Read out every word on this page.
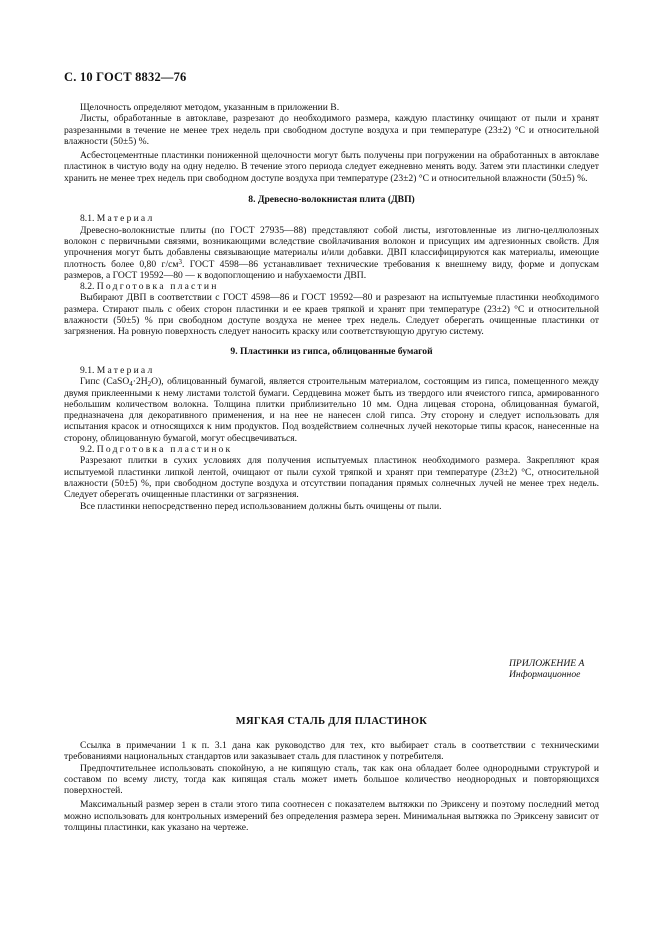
С. 10 ГОСТ 8832—76

Щелочность определяют методом, указанным в приложении В.

Листы, обработанные в автоклаве, разрезают до необходимого размера, каждую пластинку очищают от пыли и хранят разрезанными в течение не менее трех недель при свободном доступе воздуха и при температуре (23±2) °С и относительной влажности (50±5) %.

Асбестоцементные пластинки пониженной щелочности могут быть получены при погружении на обработанных в автоклаве пластинок в чистую воду на одну неделю. В течение этого периода следует ежедневно менять воду. Затем эти пластинки следует хранить не менее трех недель при свободном доступе воздуха при температуре (23±2) °С и относительной влажности (50±5) %.

8. Древесно-волокнистая плита (ДВП)

8.1. Материал

Древесно-волокнистые плиты (по ГОСТ 27935—88) представляют собой листы, изготовленные из лигно-целлюлозных волокон с первичными связями, возникающими вследствие свойлачивания волокон и присущих им адгезионных свойств. Для упрочнения могут быть добавлены связывающие материалы и/или добавки. ДВП классифицируются как материалы, имеющие плотность более 0,80 $г/см^3$. ГОСТ 4598—86 устанавливает технические требования к внешнему виду, форме и допускам размеров, а ГОСТ 19592—80 — к водопоглощению и набухаемости ДВП.

8.2. Подготовка пластин

Выбирают ДВП в соответствии с ГОСТ 4598—86 и ГОСТ 19592—80 и разрезают на испытуемые пластинки необходимого размера. Стирают пыль с обеих сторон пластинки и ее краев тряпкой и хранят при температуре (23±2) °С и относительной влажности (50±5) % при свободном доступе воздуха не менее трех недель. Следует оберегать очищенные пластинки от загрязнения. На ровную поверхность следует наносить краску или соответствующую другую систему.

9. Пластинки из гипса, облицованные бумагой

9.1. Материал

Гипс $(CaSO_4\cdot 2H_2O)$, облицованный бумагой, является строительным материалом, состоящим из гипса, помещенного между двумя приклеенными к нему листами толстой бумаги. Сердцевина может быть из твердого или ячеистого гипса, армированного небольшим количеством волокна. Толщина плитки приблизительно 10 мм. Одна лицевая сторона, облицованная бумагой, предназначена для декоративного применения, и на нее не нанесен слой гипса. Эту сторону и следует использовать для испытания красок и относящихся к ним продуктов. Под воздействием солнечных лучей некоторые типы красок, нанесенные на сторону, облицованную бумагой, могут обесцвечиваться.

9.2. Подготовка пластинок

Разрезают плитки в сухих условиях для получения испытуемых пластинок необходимого размера. Закрепляют края испытуемой пластинки липкой лентой, очищают от пыли сухой тряпкой и хранят при температуре (23±2) °С, относительной влажности (50±5) %, при свободном доступе воздуха и отсутствии попадания прямых солнечных лучей не менее трех недель. Следует оберегать очищенные пластинки от загрязнения.

Все пластинки непосредственно перед использованием должны быть очищены от пыли.

ПРИЛОЖЕНИЕ А
Информационное
МЯГКАЯ СТАЛЬ ДЛЯ ПЛАСТИНОК

Ссылка в примечании 1 к п. 3.1 дана как руководство для тех, кто выбирает сталь в соответствии с техническими требованиями национальных стандартов или заказывает сталь для пластинок у потребителя.

Предпочтительнее использовать спокойную, а не кипящую сталь, так как она обладает более однородными структурой и составом по всему листу, тогда как кипящая сталь может иметь большое количество неоднородных и повторяющихся поверхностей.

Максимальный размер зерен в стали этого типа соотнесен с показателем вытяжки по Эриксену и поэтому последний метод можно использовать для контрольных измерений без определения размера зерен. Минимальная вытяжка по Эриксену зависит от толщины пластинки, как указано на чертеже.
